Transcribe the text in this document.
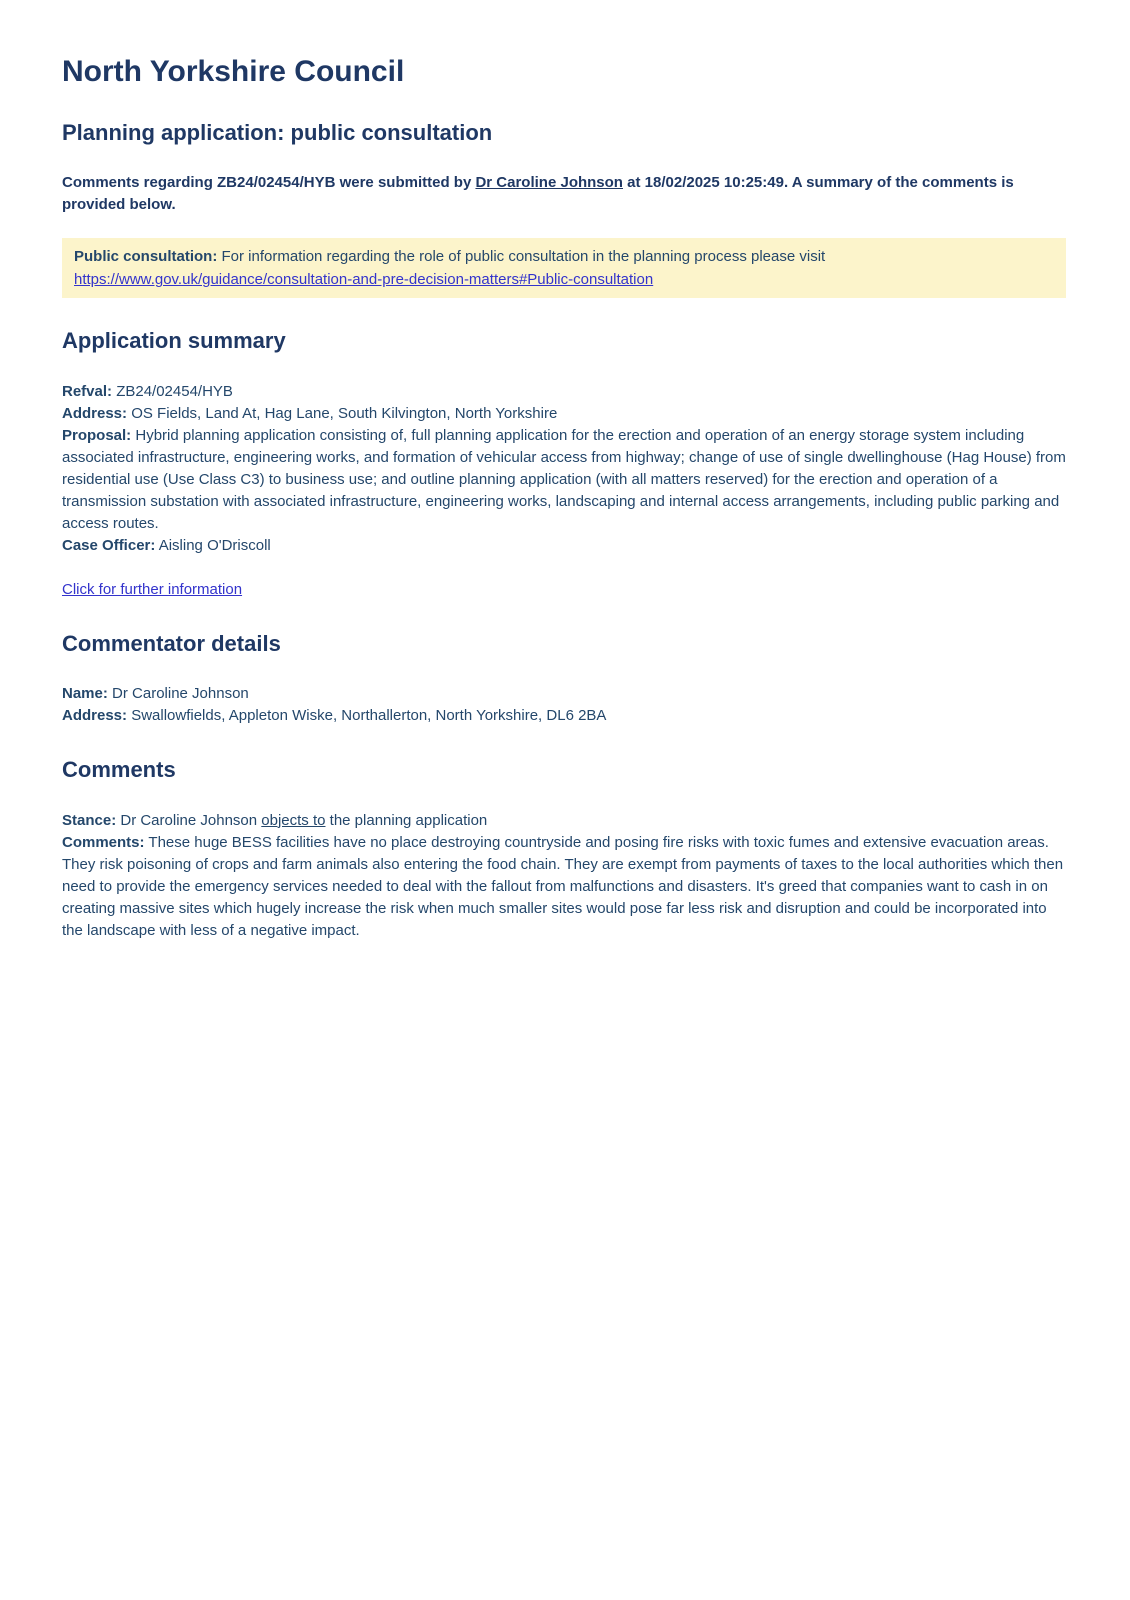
North Yorkshire Council
Planning application: public consultation

Comments regarding ZB24/02454/HYB were submitted by Dr Caroline Johnson at 18/02/2025 10:25:49. A summary of the comments is provided below.

Public consultation: For information regarding the role of public consultation in the planning process please visit https://www.gov.uk/guidance/consultation-and-pre-decision-matters#Public-consultation
Application summary
Refval: ZB24/02454/HYB
Address: OS Fields, Land At, Hag Lane, South Kilvington, North Yorkshire
Proposal: Hybrid planning application consisting of, full planning application for the erection and operation of an energy storage system including associated infrastructure, engineering works, and formation of vehicular access from highway; change of use of single dwellinghouse (Hag House) from residential use (Use Class C3) to business use; and outline planning application (with all matters reserved) for the erection and operation of a transmission substation with associated infrastructure, engineering works, landscaping and internal access arrangements, including public parking and access routes.
Case Officer: Aisling O'Driscoll

Click for further information

Commentator details
Name: Dr Caroline Johnson
Address: Swallowfields, Appleton Wiske, Northallerton, North Yorkshire, DL6 2BA
Comments
Stance: Dr Caroline Johnson objects to the planning application
Comments: These huge BESS facilities have no place destroying countryside and posing fire risks with toxic fumes and extensive evacuation areas. They risk poisoning of crops and farm animals also entering the food chain. They are exempt from payments of taxes to the local authorities which then need to provide the emergency services needed to deal with the fallout from malfunctions and disasters. It's greed that companies want to cash in on creating massive sites which hugely increase the risk when much smaller sites would pose far less risk and disruption and could be incorporated into the landscape with less of a negative impact.
